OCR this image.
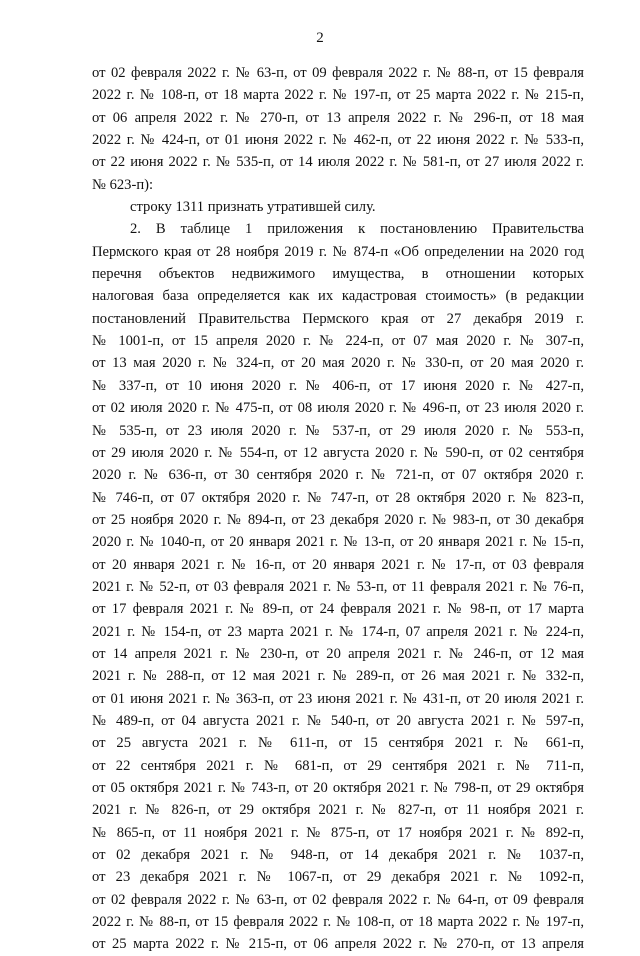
2
от 02 февраля 2022 г. № 63-п, от 09 февраля 2022 г. № 88-п, от 15 февраля
2022 г. № 108-п, от 18 марта 2022 г. № 197-п, от 25 марта 2022 г. № 215-п,
от 06 апреля 2022 г. № 270-п, от 13 апреля 2022 г. № 296-п, от 18 мая
2022 г. № 424-п, от 01 июня 2022 г. № 462-п, от 22 июня 2022 г. № 533-п,
от 22 июня 2022 г. № 535-п, от 14 июля 2022 г. № 581-п, от 27 июля 2022 г.
№ 623-п):
строку 1311 признать утратившей силу.
2. В таблице 1 приложения к постановлению Правительства
Пермского края от 28 ноября 2019 г. № 874-п «Об определении на 2020 год
перечня объектов недвижимого имущества, в отношении которых
налоговая база определяется как их кадастровая стоимость» (в редакции
постановлений Правительства Пермского края от 27 декабря 2019 г.
№ 1001-п, от 15 апреля 2020 г. № 224-п, от 07 мая 2020 г. № 307-п,
от 13 мая 2020 г. № 324-п, от 20 мая 2020 г. № 330-п, от 20 мая 2020 г.
№ 337-п, от 10 июня 2020 г. № 406-п, от 17 июня 2020 г. № 427-п,
от 02 июля 2020 г. № 475-п, от 08 июля 2020 г. № 496-п, от 23 июля 2020 г.
№ 535-п, от 23 июля 2020 г. № 537-п, от 29 июля 2020 г. № 553-п,
от 29 июля 2020 г. № 554-п, от 12 августа 2020 г. № 590-п, от 02 сентября
2020 г. № 636-п, от 30 сентября 2020 г. № 721-п, от 07 октября 2020 г.
№ 746-п, от 07 октября 2020 г. № 747-п, от 28 октября 2020 г. № 823-п,
от 25 ноября 2020 г. № 894-п, от 23 декабря 2020 г. № 983-п, от 30 декабря
2020 г. № 1040-п, от 20 января 2021 г. № 13-п, от 20 января 2021 г. № 15-п,
от 20 января 2021 г. № 16-п, от 20 января 2021 г. № 17-п, от 03 февраля
2021 г. № 52-п, от 03 февраля 2021 г. № 53-п, от 11 февраля 2021 г. № 76-п,
от 17 февраля 2021 г. № 89-п, от 24 февраля 2021 г. № 98-п, от 17 марта
2021 г. № 154-п, от 23 марта 2021 г. № 174-п, 07 апреля 2021 г. № 224-п,
от 14 апреля 2021 г. № 230-п, от 20 апреля 2021 г. № 246-п, от 12 мая
2021 г. № 288-п, от 12 мая 2021 г. № 289-п, от 26 мая 2021 г. № 332-п,
от 01 июня 2021 г. № 363-п, от 23 июня 2021 г. № 431-п, от 20 июля 2021 г.
№ 489-п, от 04 августа 2021 г. № 540-п, от 20 августа 2021 г. № 597-п,
от 25 августа 2021 г. № 611-п, от 15 сентября 2021 г. № 661-п,
от 22 сентября 2021 г. № 681-п, от 29 сентября 2021 г. № 711-п,
от 05 октября 2021 г. № 743-п, от 20 октября 2021 г. № 798-п, от 29 октября
2021 г. № 826-п, от 29 октября 2021 г. № 827-п, от 11 ноября 2021 г.
№ 865-п, от 11 ноября 2021 г. № 875-п, от 17 ноября 2021 г. № 892-п,
от 02 декабря 2021 г. № 948-п, от 14 декабря 2021 г. № 1037-п,
от 23 декабря 2021 г. № 1067-п, от 29 декабря 2021 г. № 1092-п,
от 02 февраля 2022 г. № 63-п, от 02 февраля 2022 г. № 64-п, от 09 февраля
2022 г. № 88-п, от 15 февраля 2022 г. № 108-п, от 18 марта 2022 г. № 197-п,
от 25 марта 2022 г. № 215-п, от 06 апреля 2022 г. № 270-п, от 13 апреля
